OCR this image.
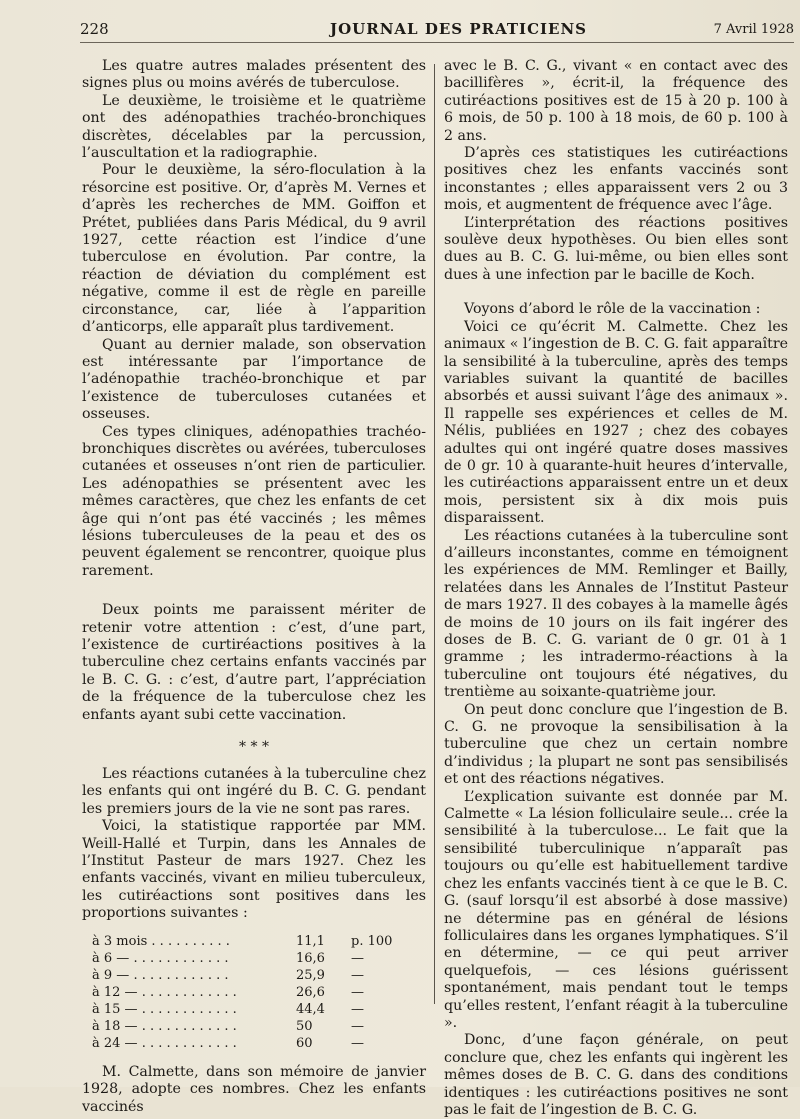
228	JOURNAL DES PRATICIENS	7 Avril 1928

Les quatre autres malades présentent des signes plus ou moins avérés de tuberculose.

Le deuxième, le troisième et le quatrième ont des adénopathies trachéo-bronchiques discrètes, décelables par la percussion, l’auscultation et la radiographie.

Pour le deuxième, la séro-floculation à la résorcine est positive. Or, d’après M. Vernes et d’après les recherches de MM. Goiffon et Prétet, publiées dans Paris Médical, du 9 avril 1927, cette réaction est l’indice d’une tuberculose en évolution. Par contre, la réaction de déviation du complément est négative, comme il est de règle en pareille circonstance, car, liée à l’apparition d’anticorps, elle apparaît plus tardivement.

Quant au dernier malade, son observation est intéressante par l’importance de l’adénopathie trachéo-bronchique et par l’existence de tuberculoses cutanées et osseuses.

Ces types cliniques, adénopathies trachéo-bronchiques discrètes ou avérées, tuberculoses cutanées et osseuses n’ont rien de particulier. Les adénopathies se présentent avec les mêmes caractères, que chez les enfants de cet âge qui n’ont pas été vaccinés ; les mêmes lésions tuberculeuses de la peau et des os peuvent également se rencontrer, quoique plus rarement.

Deux points me paraissent mériter de retenir votre attention : c’est, d’une part, l’existence de curtiréactions positives à la tuberculine chez certains enfants vaccinés par le B. C. G. : c’est, d’autre part, l’appréciation de la fréquence de la tuberculose chez les enfants ayant subi cette vaccination.

* * *

Les réactions cutanées à la tuberculine chez les enfants qui ont ingéré du B. C. G. pendant les premiers jours de la vie ne sont pas rares.

Voici, la statistique rapportée par MM. Weill-Hallé et Turpin, dans les Annales de l’Institut Pasteur de mars 1927. Chez les enfants vaccinés, vivant en milieu tuberculeux, les cutiréactions sont positives dans les proportions suivantes :

à 3 mois . . . . . . . . . .	11,1	p. 100
à 6 — . . . . . . . . . . . .	16,6	—
à 9 — . . . . . . . . . . . .	25,9	—
à 12 — . . . . . . . . . . . .	26,6	—
à 15 — . . . . . . . . . . . .	44,4	—
à 18 — . . . . . . . . . . . .	50	—
à 24 — . . . . . . . . . . . .	60	—

M. Calmette, dans son mémoire de janvier 1928, adopte ces nombres. Chez les enfants vaccinés

avec le B. C. G., vivant « en contact avec des bacillifères », écrit-il, la fréquence des cutiréactions positives est de 15 à 20 p. 100 à 6 mois, de 50 p. 100 à 18 mois, de 60 p. 100 à 2 ans.

D’après ces statistiques les cutiréactions positives chez les enfants vaccinés sont inconstantes ; elles apparaissent vers 2 ou 3 mois, et augmentent de fréquence avec l’âge.

L’interprétation des réactions positives soulève deux hypothèses. Ou bien elles sont dues au B. C. G. lui-même, ou bien elles sont dues à une infection par le bacille de Koch.

Voyons d’abord le rôle de la vaccination :

Voici ce qu’écrit M. Calmette. Chez les animaux « l’ingestion de B. C. G. fait apparaître la sensibilité à la tuberculine, après des temps variables suivant la quantité de bacilles absorbés et aussi suivant l’âge des animaux ». Il rappelle ses expériences et celles de M. Nélis, publiées en 1927 ; chez des cobayes adultes qui ont ingéré quatre doses massives de 0 gr. 10 à quarante-huit heures d’intervalle, les cutiréactions apparaissent entre un et deux mois, persistent six à dix mois puis disparaissent.

Les réactions cutanées à la tuberculine sont d’ailleurs inconstantes, comme en témoignent les expériences de MM. Remlinger et Bailly, relatées dans les Annales de l’Institut Pasteur de mars 1927. Il des cobayes à la mamelle âgés de moins de 10 jours on ils fait ingérer des doses de B. C. G. variant de 0 gr. 01 à 1 gramme ; les intradermo-réactions à la tuberculine ont toujours été négatives, du trentième au soixante-quatrième jour.

On peut donc conclure que l’ingestion de B. C. G. ne provoque la sensibilisation à la tuberculine que chez un certain nombre d’individus ; la plupart ne sont pas sensibilisés et ont des réactions négatives.

L’explication suivante est donnée par M. Calmette « La lésion folliculaire seule... crée la sensibilité à la tuberculose... Le fait que la sensibilité tuberculinique n’apparaît pas toujours ou qu’elle est habituellement tardive chez les enfants vaccinés tient à ce que le B. C. G. (sauf lorsqu’il est absorbé à dose massive) ne détermine pas en général de lésions folliculaires dans les organes lymphatiques. S’il en détermine, — ce qui peut arriver quelquefois, — ces lésions guérissent spontanément, mais pendant tout le temps qu’elles restent, l’enfant réagit à la tuberculine ».

Donc, d’une façon générale, on peut conclure que, chez les enfants qui ingèrent les mêmes doses de B. C. G. dans des conditions identiques : les cutiréactions positives ne sont pas le fait de l’ingestion de B. C. G.
